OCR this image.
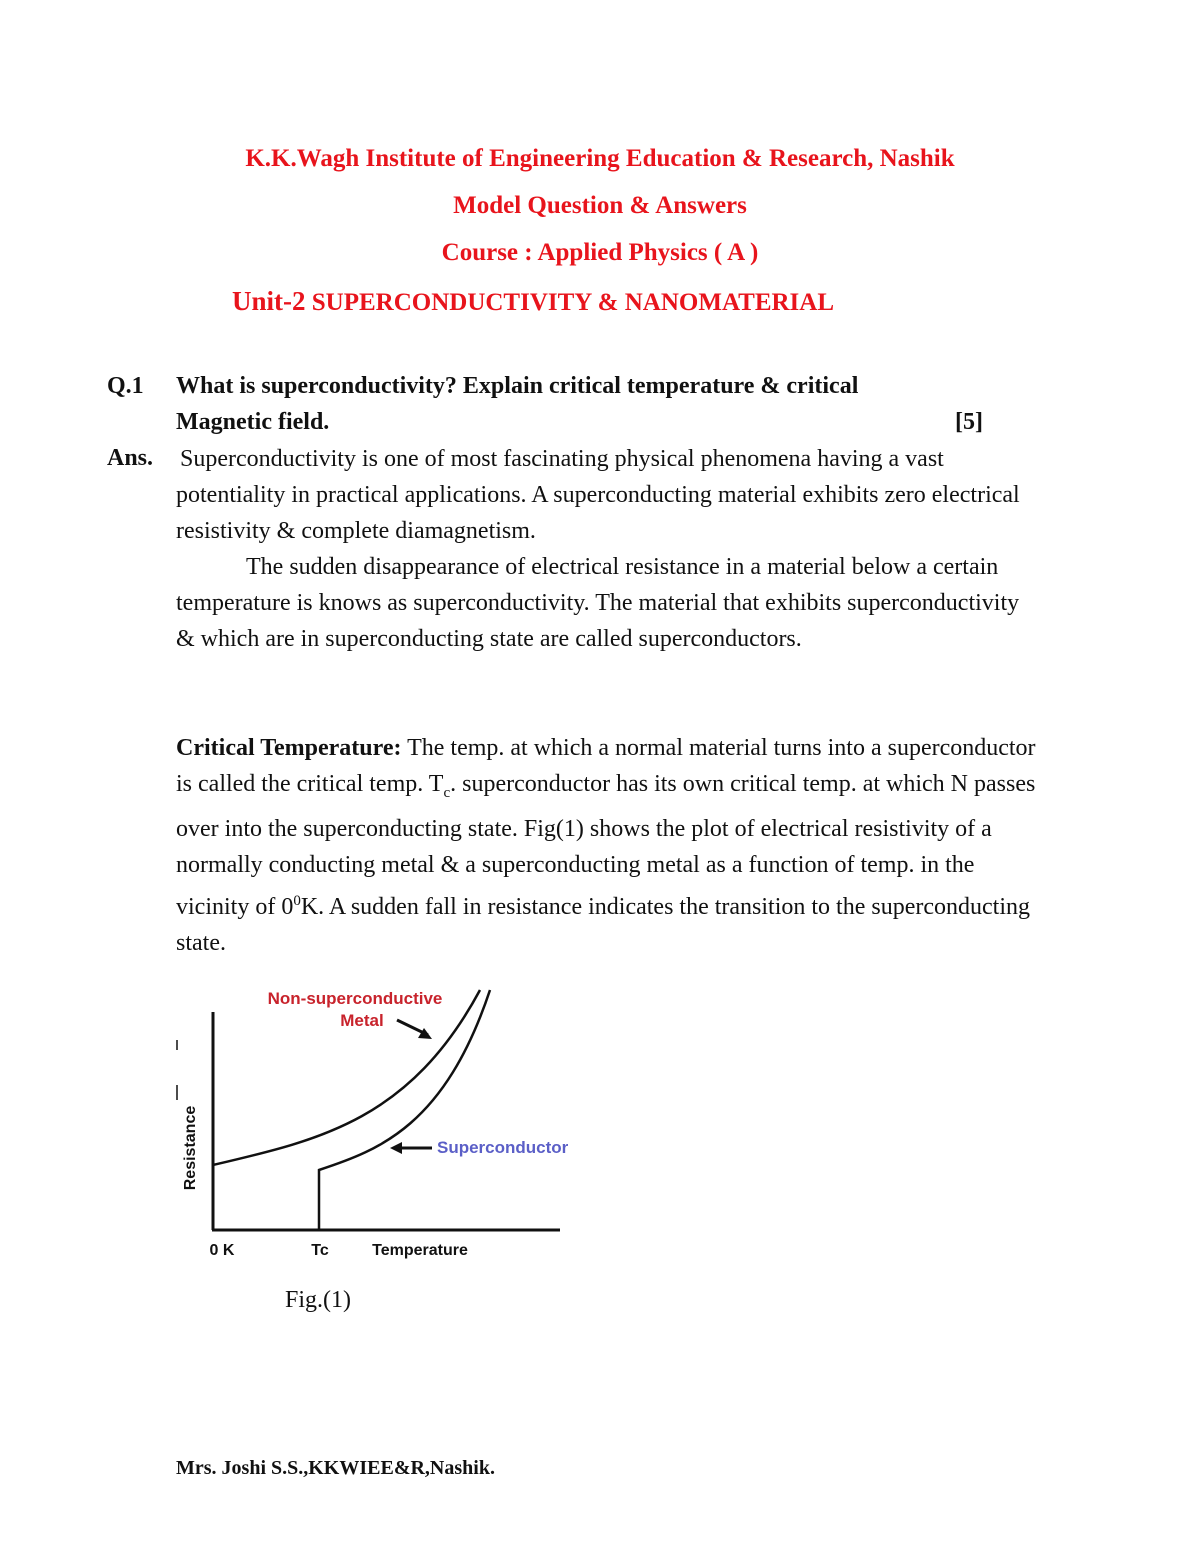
K.K.Wagh Institute of Engineering Education & Research, Nashik
Model Question & Answers
Course : Applied Physics ( A )
Unit-2 SUPERCONDUCTIVITY & NANOMATERIAL
Q.1 What is superconductivity? Explain critical temperature & critical
Magnetic field.	[5]
Ans. Superconductivity is one of most fascinating physical phenomena having a vast potentiality in practical applications. A superconducting material exhibits zero electrical resistivity & complete diamagnetism.

The sudden disappearance of electrical resistance in a material below a certain temperature is knows as superconductivity. The material that exhibits superconductivity & which are in superconducting state are called superconductors.

Critical Temperature: The temp. at which a normal material turns into a superconductor is called the critical temp. $T_c$. superconductor has its own critical temp. at which N passes over into the superconducting state. Fig(1) shows the plot of electrical resistivity of a normally conducting metal & a superconducting metal as a function of temp. in the vicinity of $0^0K$. A sudden fall in resistance indicates the transition to the superconducting state.

Non-superconductive
Metal
Superconductor
Resistance
0 K	Tc	Temperature
Fig.(1)
Mrs. Joshi S.S.,KKWIEE&R,Nashik.
